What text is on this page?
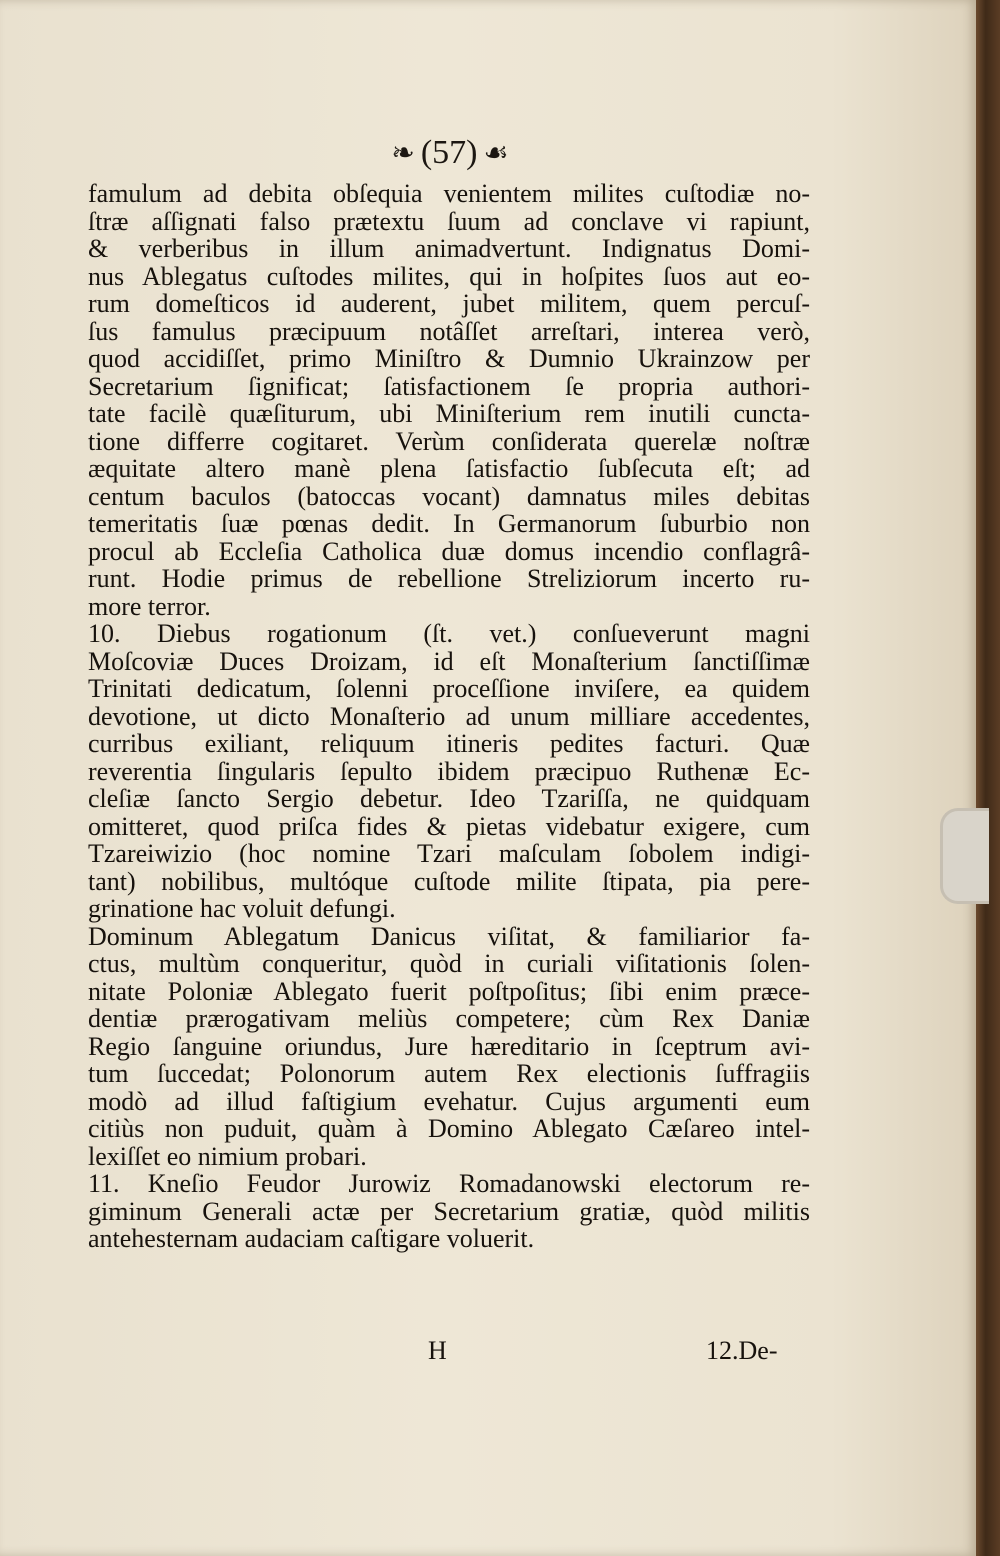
❧ (57) ☙
famulum ad debita obſequia venientem milites cuſtodiæ no-
ſtræ aſſignati falso prætextu ſuum ad conclave vi rapiunt,
& verberibus in illum animadvertunt. Indignatus Domi-
nus Ablegatus cuſtodes milites, qui in hoſpites ſuos aut eo-
rum domeſticos id auderent, jubet militem, quem percuſ-
ſus famulus præcipuum notâſſet arreſtari, interea verò,
quod accidiſſet, primo Miniſtro & Dumnio Ukrainzow per
Secretarium ſignificat; ſatisfactionem ſe propria authori-
tate facilè quæſiturum, ubi Miniſterium rem inutili cuncta-
tione differre cogitaret. Verùm conſiderata querelæ noſtræ
æquitate altero manè plena ſatisfactio ſubſecuta eſt; ad
centum baculos (batoccas vocant) damnatus miles debitas
temeritatis ſuæ pœnas dedit. In Germanorum ſuburbio non
procul ab Eccleſia Catholica duæ domus incendio conflagrâ-
runt. Hodie primus de rebellione Streliziorum incerto ru-
more terror.
10. Diebus rogationum (ſt. vet.) conſueverunt magni
Moſcoviæ Duces Droizam, id eſt Monaſterium ſanctiſſimæ
Trinitati dedicatum, ſolenni proceſſione inviſere, ea quidem
devotione, ut dicto Monaſterio ad unum milliare accedentes,
curribus exiliant, reliquum itineris pedites facturi. Quæ
reverentia ſingularis ſepulto ibidem præcipuo Ruthenæ Ec-
cleſiæ ſancto Sergio debetur. Ideo Tzariſſa, ne quidquam
omitteret, quod priſca fides & pietas videbatur exigere, cum
Tzareiwizio (hoc nomine Tzari maſculam ſobolem indigi-
tant) nobilibus, multóque cuſtode milite ſtipata, pia pere-
grinatione hac voluit defungi.
Dominum Ablegatum Danicus viſitat, & familiarior fa-
ctus, multùm conqueritur, quòd in curiali viſitationis ſolen-
nitate Poloniæ Ablegato fuerit poſtpoſitus; ſibi enim præce-
dentiæ prærogativam meliùs competere; cùm Rex Daniæ
Regio ſanguine oriundus, Jure hæreditario in ſceptrum avi-
tum ſuccedat; Polonorum autem Rex electionis ſuffragiis
modò ad illud faſtigium evehatur. Cujus argumenti eum
citiùs non puduit, quàm à Domino Ablegato Cæſareo intel-
lexiſſet eo nimium probari.
11. Kneſio Feudor Jurowiz Romadanowski electorum re-
giminum Generali actæ per Secretarium gratiæ, quòd militis
antehesternam audaciam caſtigare voluerit.
H	12.De-
